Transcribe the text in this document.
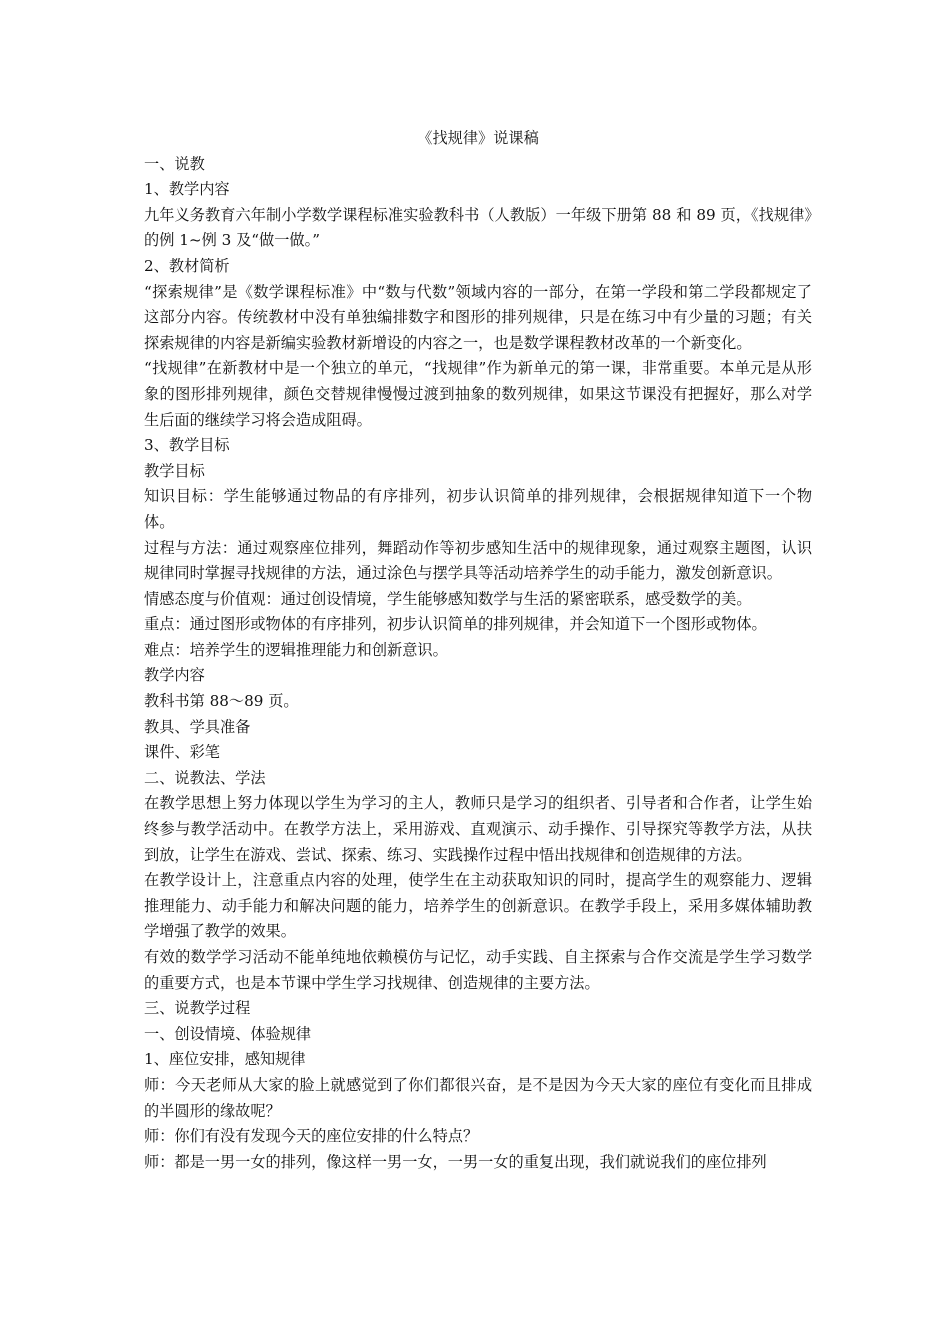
《找规律》说课稿

一、说教

1、教学内容

九年义务教育六年制小学数学课程标准实验教科书（人教版）一年级下册第 88 和 89 页，《找规律》的例 1~例 3 及“做一做。”

2、教材简析

“探索规律”是《数学课程标准》中“数与代数”领域内容的一部分，在第一学段和第二学段都规定了这部分内容。传统教材中没有单独编排数字和图形的排列规律，只是在练习中有少量的习题；有关探索规律的内容是新编实验教材新增设的内容之一，也是数学课程教材改革的一个新变化。

“找规律”在新教材中是一个独立的单元，“找规律”作为新单元的第一课，非常重要。本单元是从形象的图形排列规律，颜色交替规律慢慢过渡到抽象的数列规律，如果这节课没有把握好，那么对学生后面的继续学习将会造成阻碍。

3、教学目标

教学目标

知识目标：学生能够通过物品的有序排列，初步认识简单的排列规律，会根据规律知道下一个物体。

过程与方法：通过观察座位排列，舞蹈动作等初步感知生活中的规律现象，通过观察主题图，认识规律同时掌握寻找规律的方法，通过涂色与摆学具等活动培养学生的动手能力，激发创新意识。

情感态度与价值观：通过创设情境，学生能够感知数学与生活的紧密联系，感受数学的美。

重点：通过图形或物体的有序排列，初步认识简单的排列规律，并会知道下一个图形或物体。

难点：培养学生的逻辑推理能力和创新意识。

教学内容

教科书第 88～89 页。

教具、学具准备

课件、彩笔

二、说教法、学法

在教学思想上努力体现以学生为学习的主人，教师只是学习的组织者、引导者和合作者，让学生始终参与教学活动中。在教学方法上，采用游戏、直观演示、动手操作、引导探究等教学方法，从扶到放，让学生在游戏、尝试、探索、练习、实践操作过程中悟出找规律和创造规律的方法。

在教学设计上，注意重点内容的处理，使学生在主动获取知识的同时，提高学生的观察能力、逻辑推理能力、动手能力和解决问题的能力，培养学生的创新意识。在教学手段上，采用多媒体辅助教学增强了教学的效果。

有效的数学学习活动不能单纯地依赖模仿与记忆，动手实践、自主探索与合作交流是学生学习数学的重要方式，也是本节课中学生学习找规律、创造规律的主要方法。

三、说教学过程

一、创设情境、体验规律

1、座位安排，感知规律

师：今天老师从大家的脸上就感觉到了你们都很兴奋，是不是因为今天大家的座位有变化而且排成的半圆形的缘故呢？

师：你们有没有发现今天的座位安排的什么特点？

师：都是一男一女的排列，像这样一男一女，一男一女的重复出现，我们就说我们的座位排列
